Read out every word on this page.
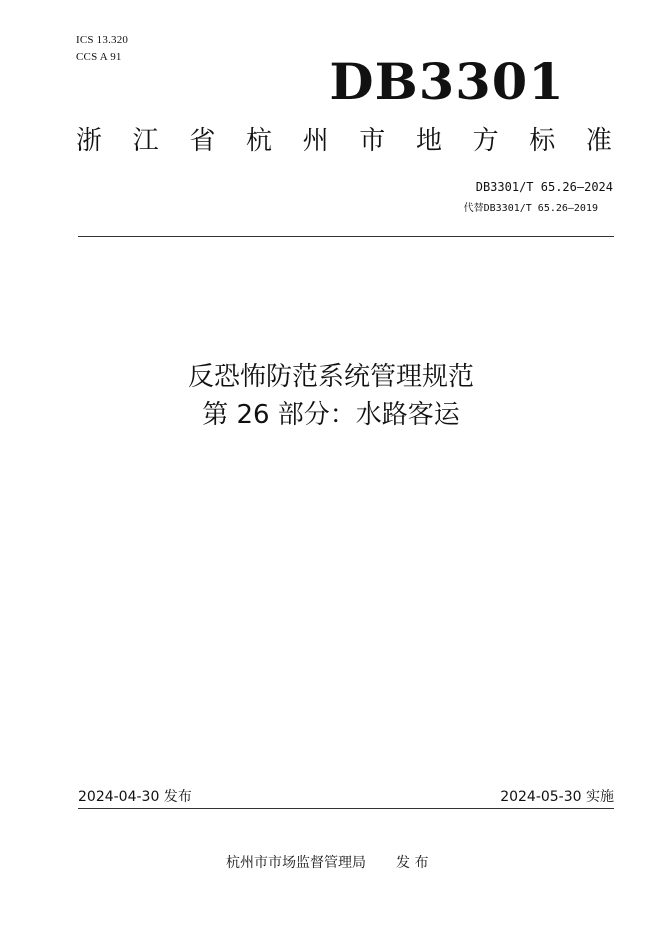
ICS 13.320
CCS A 91	DB3301
浙 江 省 杭 州 市 地 方 标 准
DB3301/T 65.26—2024
代替DB3301/T 65.26—2019
反恐怖防范系统管理规范
第 26 部分：水路客运
2024-04-30 发布	2024-05-30 实施
杭州市市场监督管理局 发 布
